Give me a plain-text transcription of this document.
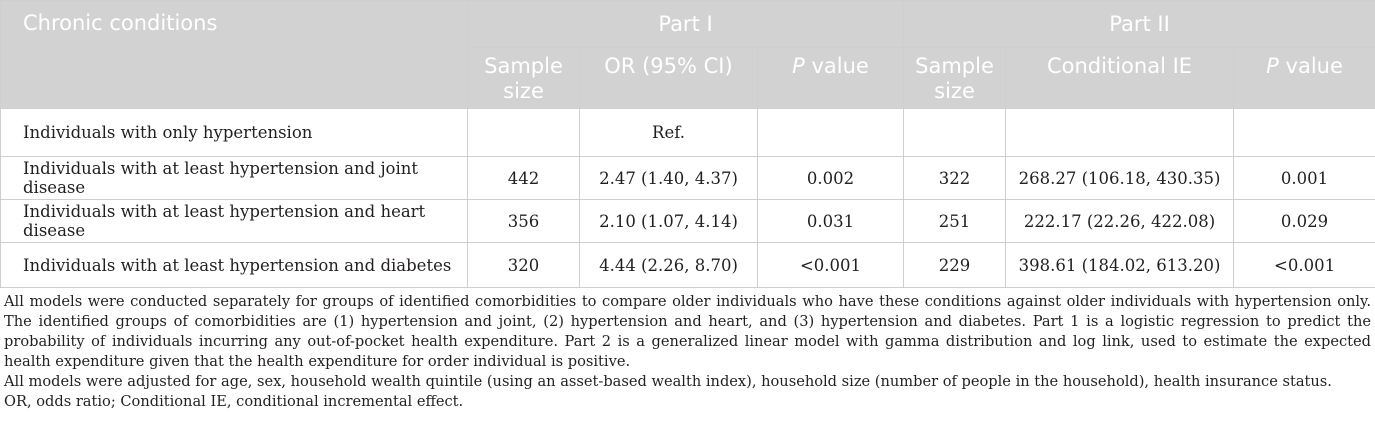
Chronic conditions	Part I			Part II		
	Sample size	OR (95% CI)	P value	Sample size	Conditional IE	P value
Individuals with only hypertension		Ref.				
Individuals with at least hypertension and joint disease	442	2.47 (1.40, 4.37)	0.002	322	268.27 (106.18, 430.35)	0.001
Individuals with at least hypertension and heart disease	356	2.10 (1.07, 4.14)	0.031	251	222.17 (22.26, 422.08)	0.029
Individuals with at least hypertension and diabetes	320	4.44 (2.26, 8.70)	<0.001	229	398.61 (184.02, 613.20)	<0.001

All models were conducted separately for groups of identified comorbidities to compare older individuals who have these conditions against older individuals with hypertension only. The identified groups of comorbidities are (1) hypertension and joint, (2) hypertension and heart, and (3) hypertension and diabetes. Part 1 is a logistic regression to predict the probability of individuals incurring any out-of-pocket health expenditure. Part 2 is a generalized linear model with gamma distribution and log link, used to estimate the expected health expenditure given that the health expenditure for order individual is positive.

All models were adjusted for age, sex, household wealth quintile (using an asset-based wealth index), household size (number of people in the household), health insurance status.

OR, odds ratio; Conditional IE, conditional incremental effect.
